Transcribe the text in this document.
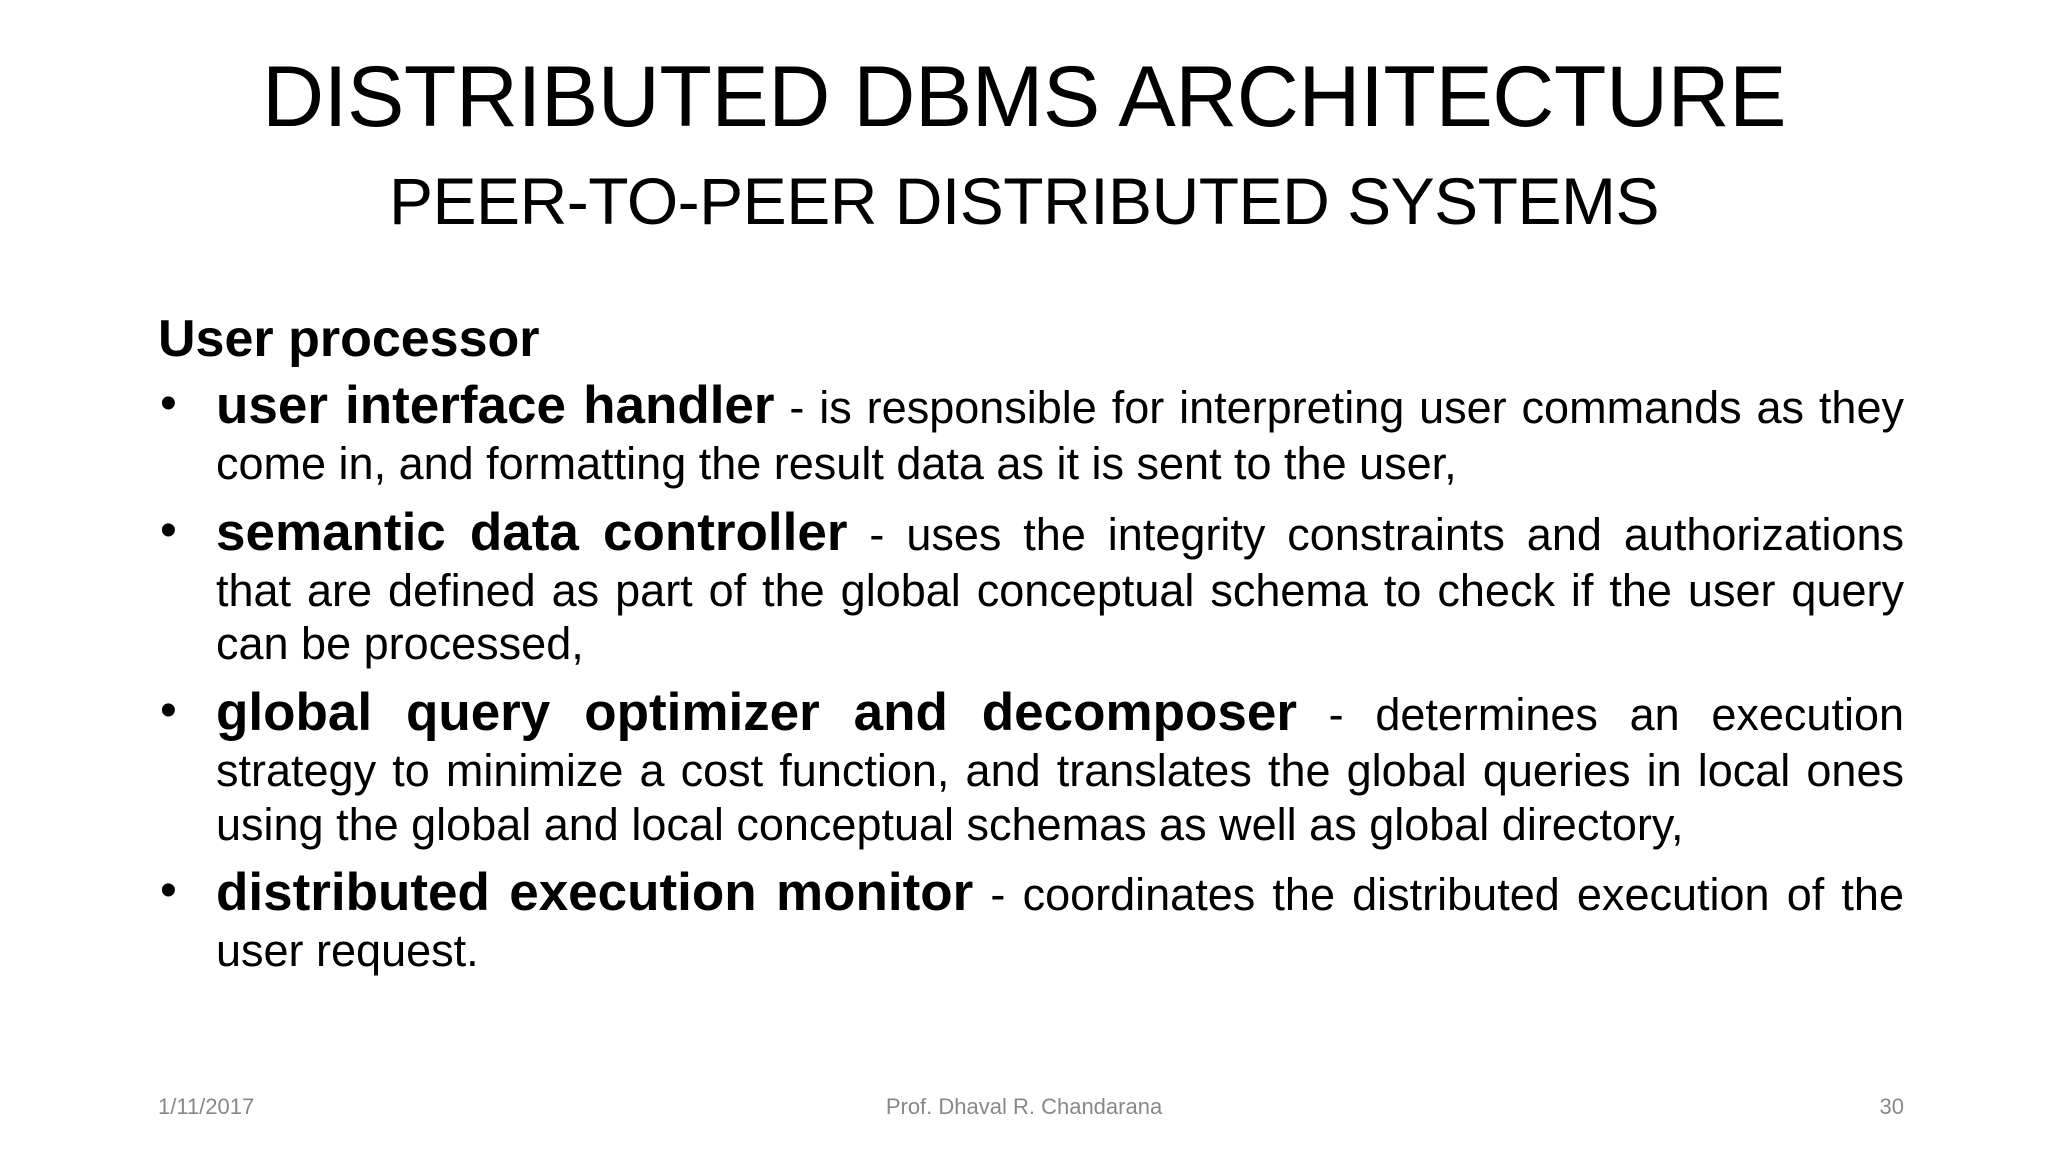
DISTRIBUTED DBMS ARCHITECTURE
PEER-TO-PEER DISTRIBUTED SYSTEMS
User processor
• user interface handler - is responsible for interpreting user commands as they come in, and formatting the result data as it is sent to the user,
• semantic data controller - uses the integrity constraints and authorizations that are defined as part of the global conceptual schema to check if the user query can be processed,
• global query optimizer and decomposer - determines an execution strategy to minimize a cost function, and translates the global queries in local ones using the global and local conceptual schemas as well as global directory,
• distributed execution monitor - coordinates the distributed execution of the user request.
1/11/2017	Prof. Dhaval R. Chandarana	30
